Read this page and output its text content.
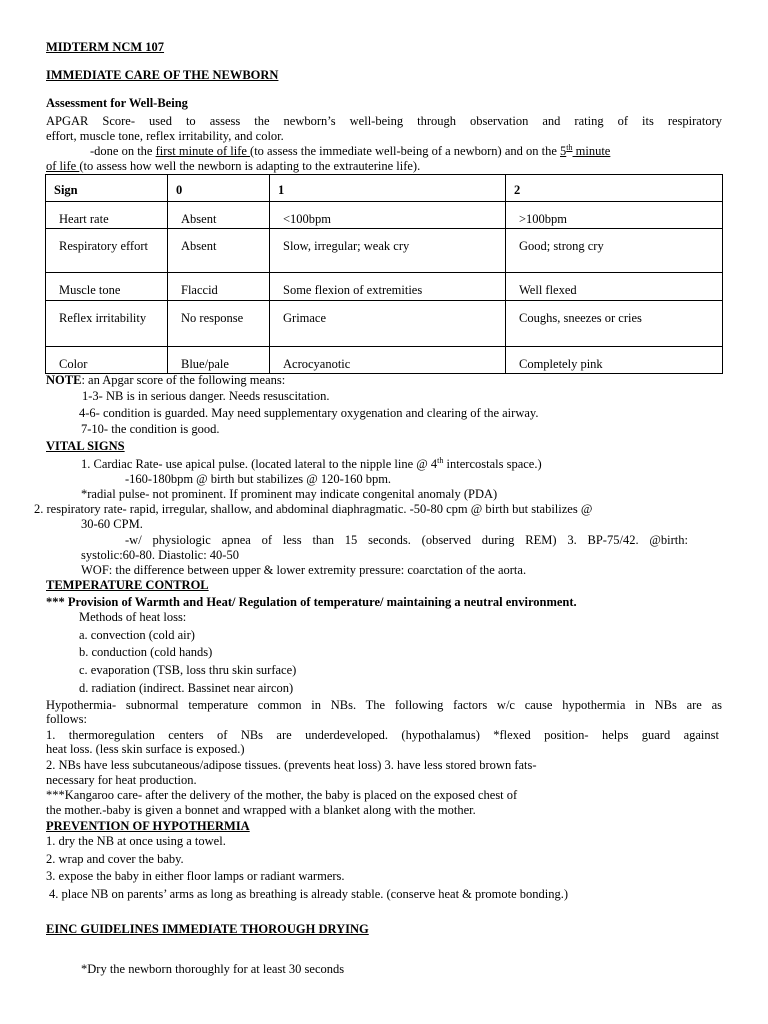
MIDTERM NCM 107
IMMEDIATE CARE OF THE NEWBORN
Assessment for Well-Being
APGAR Score- used to assess the newborn’s well-being through observation and rating of its respiratory
effort, muscle tone, reflex irritability, and color.
-done on the first minute of life (to assess the immediate well-being of a newborn) and on the 5th minute
of life (to assess how well the newborn is adapting to the extrauterine life).
Sign	0	1	2
Heart rate	Absent	<100bpm	>100bpm
Respiratory effort	Absent	Slow, irregular; weak cry	Good; strong cry
Muscle tone	Flaccid	Some flexion of extremities	Well flexed
Reflex irritability	No response	Grimace	Coughs, sneezes or cries
Color	Blue/pale	Acrocyanotic	Completely pink
NOTE: an Apgar score of the following means:
1-3- NB is in serious danger. Needs resuscitation.
4-6- condition is guarded. May need supplementary oxygenation and clearing of the airway.
7-10- the condition is good.
VITAL SIGNS
1. Cardiac Rate- use apical pulse. (located lateral to the nipple line @ 4th intercostals space.)
-160-180bpm @ birth but stabilizes @ 120-160 bpm.
*radial pulse- not prominent. If prominent may indicate congenital anomaly (PDA)
2. respiratory rate- rapid, irregular, shallow, and abdominal diaphragmatic. -50-80 cpm @ birth but stabilizes @
30-60 CPM.
-w/ physiologic apnea of less than 15 seconds. (observed during REM) 3. BP-75/42. @birth:
systolic:60-80. Diastolic: 40-50
WOF: the difference between upper & lower extremity pressure: coarctation of the aorta.
TEMPERATURE CONTROL
*** Provision of Warmth and Heat/ Regulation of temperature/ maintaining a neutral environment.
Methods of heat loss:
a. convection (cold air)
b. conduction (cold hands)
c. evaporation (TSB, loss thru skin surface)
d. radiation (indirect. Bassinet near aircon)
Hypothermia- subnormal temperature common in NBs. The following factors w/c cause hypothermia in NBs are as
follows:
1. thermoregulation centers of NBs are underdeveloped. (hypothalamus) *flexed position- helps guard against
heat loss. (less skin surface is exposed.)
2. NBs have less subcutaneous/adipose tissues. (prevents heat loss) 3. have less stored brown fats-
necessary for heat production.
***Kangaroo care- after the delivery of the mother, the baby is placed on the exposed chest of
the mother.-baby is given a bonnet and wrapped with a blanket along with the mother.
PREVENTION OF HYPOTHERMIA
1. dry the NB at once using a towel.
2. wrap and cover the baby.
3. expose the baby in either floor lamps or radiant warmers.
4. place NB on parents’ arms as long as breathing is already stable. (conserve heat & promote bonding.)
EINC GUIDELINES IMMEDIATE THOROUGH DRYING
*Dry the newborn thoroughly for at least 30 seconds
